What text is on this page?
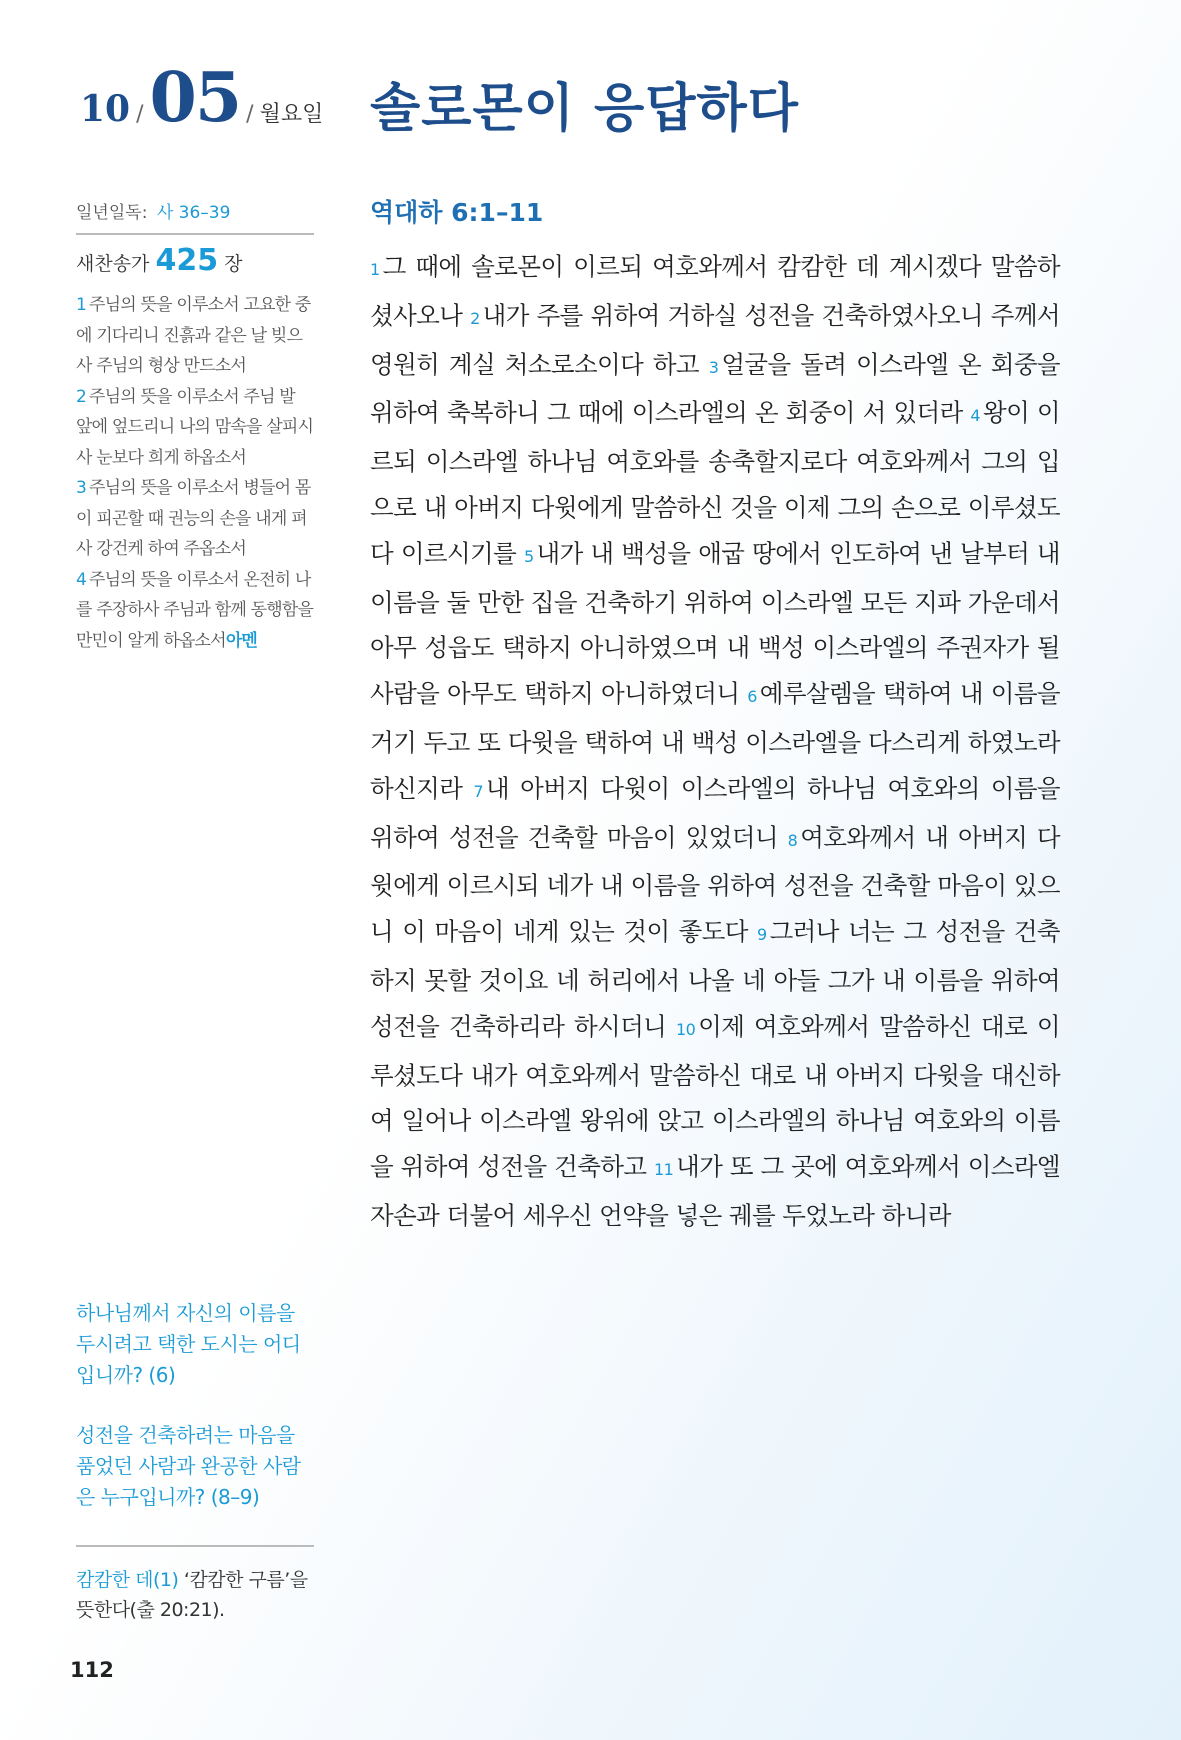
10 / 05 / 월요일 솔로몬이 응답하다
일년일독: 사 36–39
새찬송가 425 장
1 주님의 뜻을 이루소서 고요한 중에 기다리니 진흙과 같은 날 빚으사 주님의 형상 만드소서
2 주님의 뜻을 이루소서 주님 발 앞에 엎드리니 나의 맘속을 살피시사 눈보다 희게 하옵소서
3 주님의 뜻을 이루소서 병들어 몸이 피곤할 때 권능의 손을 내게 펴사 강건케 하여 주옵소서
4 주님의 뜻을 이루소서 온전히 나를 주장하사 주님과 함께 동행함을 만민이 알게 하옵소서아멘
하나님께서 자신의 이름을 두시려고 택한 도시는 어디입니까? (6)
성전을 건축하려는 마음을 품었던 사람과 완공한 사람은 누구입니까? (8–9)
캄캄한 데(1) ‘캄캄한 구름’을 뜻한다(출 20:21).
112
역대하 6:1–11
1 그 때에 솔로몬이 이르되 여호와께서 캄캄한 데 계시겠다 말씀하셨사오나 2 내가 주를 위하여 거하실 성전을 건축하였사오니 주께서 영원히 계실 처소로소이다 하고 3 얼굴을 돌려 이스라엘 온 회중을 위하여 축복하니 그 때에 이스라엘의 온 회중이 서 있더라 4 왕이 이르되 이스라엘 하나님 여호와를 송축할지로다 여호와께서 그의 입으로 내 아버지 다윗에게 말씀하신 것을 이제 그의 손으로 이루셨도다 이르시기를 5 내가 내 백성을 애굽 땅에서 인도하여 낸 날부터 내 이름을 둘 만한 집을 건축하기 위하여 이스라엘 모든 지파 가운데서 아무 성읍도 택하지 아니하였으며 내 백성 이스라엘의 주권자가 될 사람을 아무도 택하지 아니하였더니 6 예루살렘을 택하여 내 이름을 거기 두고 또 다윗을 택하여 내 백성 이스라엘을 다스리게 하였노라 하신지라 7 내 아버지 다윗이 이스라엘의 하나님 여호와의 이름을 위하여 성전을 건축할 마음이 있었더니 8 여호와께서 내 아버지 다윗에게 이르시되 네가 내 이름을 위하여 성전을 건축할 마음이 있으니 이 마음이 네게 있는 것이 좋도다 9 그러나 너는 그 성전을 건축하지 못할 것이요 네 허리에서 나올 네 아들 그가 내 이름을 위하여 성전을 건축하리라 하시더니 10 이제 여호와께서 말씀하신 대로 이루셨도다 내가 여호와께서 말씀하신 대로 내 아버지 다윗을 대신하여 일어나 이스라엘 왕위에 앉고 이스라엘의 하나님 여호와의 이름을 위하여 성전을 건축하고 11 내가 또 그 곳에 여호와께서 이스라엘 자손과 더불어 세우신 언약을 넣은 궤를 두었노라 하니라
